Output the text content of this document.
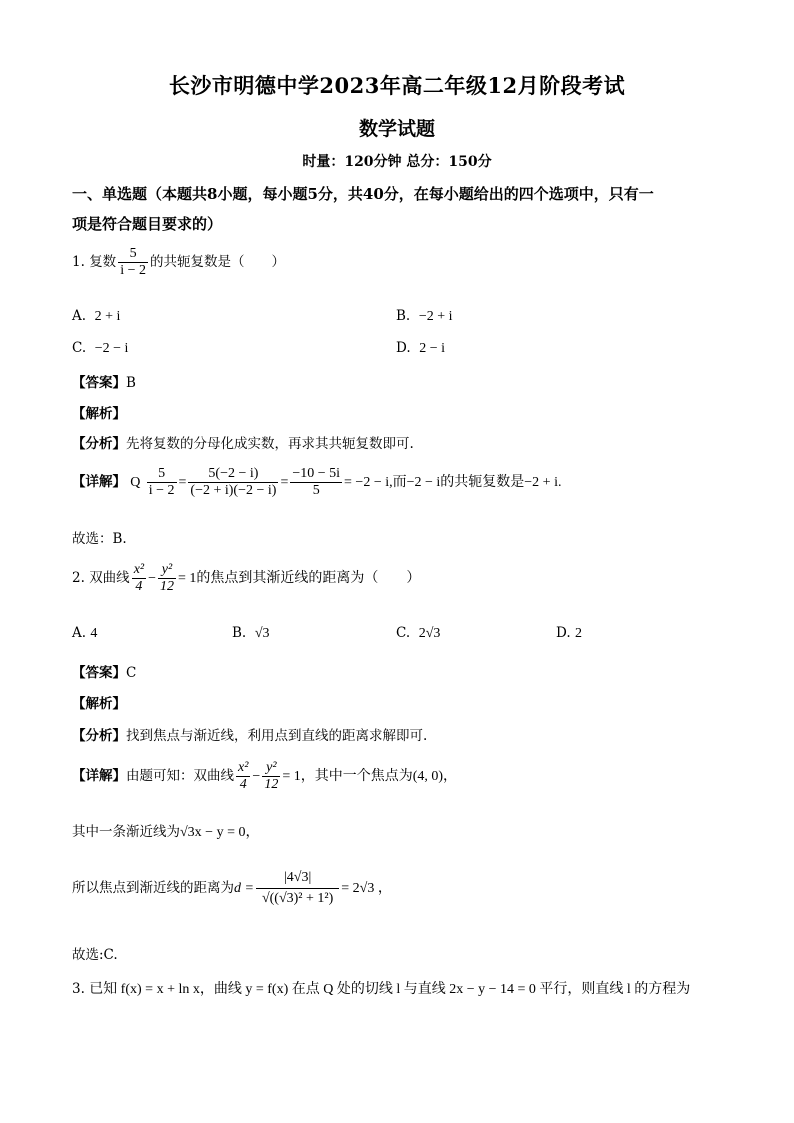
长沙市明德中学2023年高二年级12月阶段考试
数学试题
时量：120分钟 总分：150分
一、单选题（本题共8小题，每小题5分，共40分，在每小题给出的四个选项中，只有一
项是符合题目要求的）
1. 复数 $\frac{5}{i - 2}$ 的共轭复数是（　　）
A. 2 + i	B. −2 + i
C. −2 − i	D. 2 − i
【答案】B
【解析】
【分析】先将复数的分母化成实数，再求其共轭复数即可.
【详解】 Q $\frac{5}{i - 2} = \frac{5(-2 - i)}{(-2 + i)(-2 - i)} = \frac{-10 - 5i}{5} = -2 - i$,而−2 − i的共轭复数是−2 + i.
故选：B.
2. 双曲线 $\frac{\text{x²}}{4} - \frac{\text{y²}}{12} = 1$的焦点到其渐近线的距离为（　　）
A. 4	B. √3	C. 2√3	D. 2
【答案】C
【解析】
【分析】找到焦点与渐近线，利用点到直线的距离求解即可.
【详解】由题可知：双曲线 $\frac{\text{x²}}{4} - \frac{\text{y²}}{12} = 1$，其中一个焦点为(4, 0)，
其中一条渐近线为√3x − y = 0，
所以焦点到渐近线的距离为$d = \frac{|4√3|}{\text{√((√3)² + 1²)}} = 2√3$ ，
故选:C.
3. 已知 f(x) = x + ln x，曲线 y = f(x) 在点 Q 处的切线 l 与直线 2x − y − 14 = 0 平行，则直线 l 的方程为
